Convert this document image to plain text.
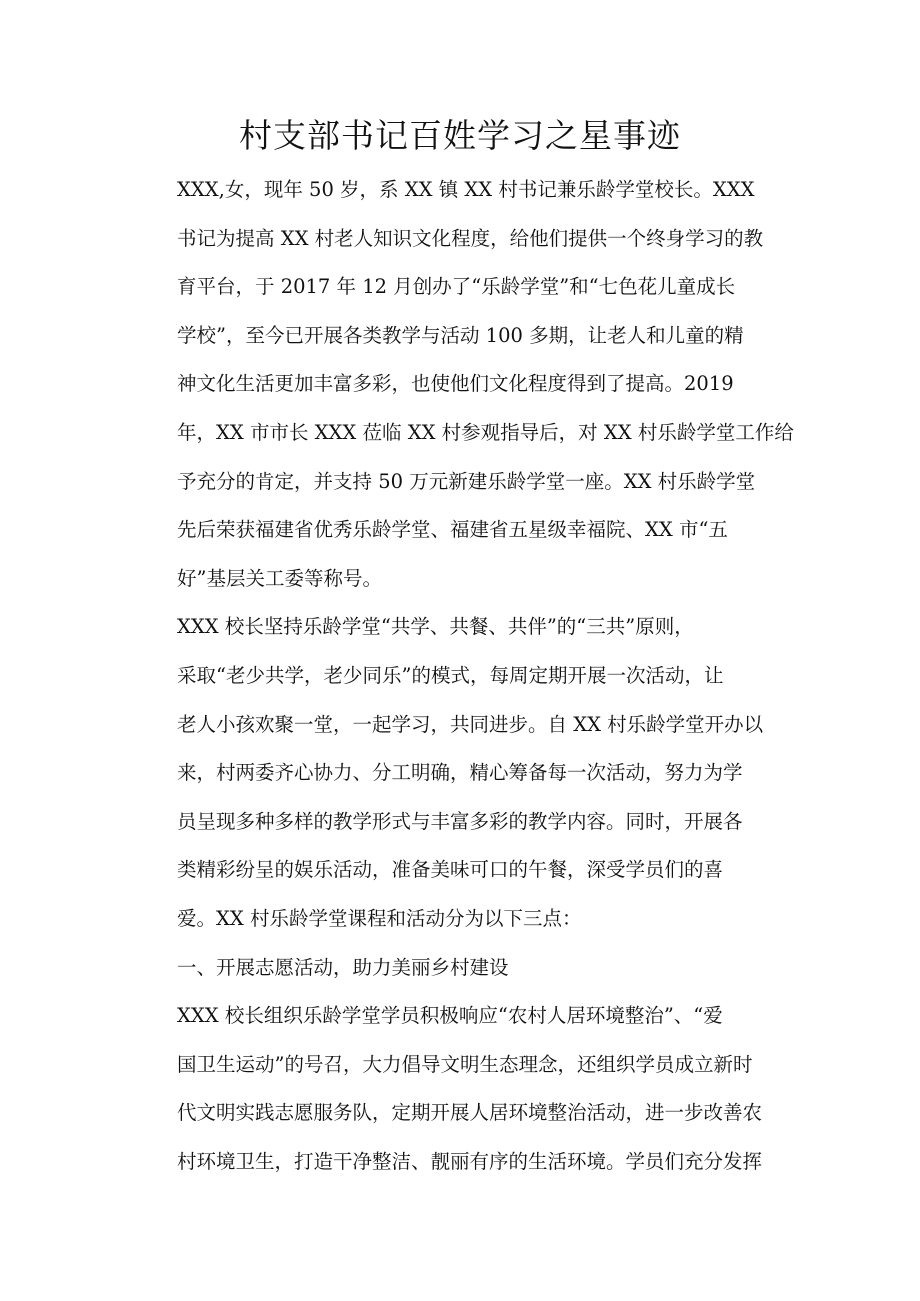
村支部书记百姓学习之星事迹
XXX,女，现年 50 岁，系 XX 镇 XX 村书记兼乐龄学堂校长。XXX
书记为提高 XX 村老人知识文化程度，给他们提供一个终身学习的教
育平台，于 2017 年 12 月创办了“乐龄学堂”和“七色花儿童成长
学校”，至今已开展各类教学与活动 100 多期，让老人和儿童的精
神文化生活更加丰富多彩，也使他们文化程度得到了提高。2019
年，XX 市市长 XXX 莅临 XX 村参观指导后，对 XX 村乐龄学堂工作给
予充分的肯定，并支持 50 万元新建乐龄学堂一座。XX 村乐龄学堂
先后荣获福建省优秀乐龄学堂、福建省五星级幸福院、XX 市“五
好”基层关工委等称号。
XXX 校长坚持乐龄学堂“共学、共餐、共伴”的“三共”原则，
采取“老少共学，老少同乐”的模式，每周定期开展一次活动，让
老人小孩欢聚一堂，一起学习，共同进步。自 XX 村乐龄学堂开办以
来，村两委齐心协力、分工明确，精心筹备每一次活动，努力为学
员呈现多种多样的教学形式与丰富多彩的教学内容。同时，开展各
类精彩纷呈的娱乐活动，准备美味可口的午餐，深受学员们的喜
爱。XX 村乐龄学堂课程和活动分为以下三点：
一、开展志愿活动，助力美丽乡村建设
XXX 校长组织乐龄学堂学员积极响应“农村人居环境整治”、“爱
国卫生运动”的号召，大力倡导文明生态理念，还组织学员成立新时
代文明实践志愿服务队，定期开展人居环境整治活动，进一步改善农
村环境卫生，打造干净整洁、靓丽有序的生活环境。学员们充分发挥
